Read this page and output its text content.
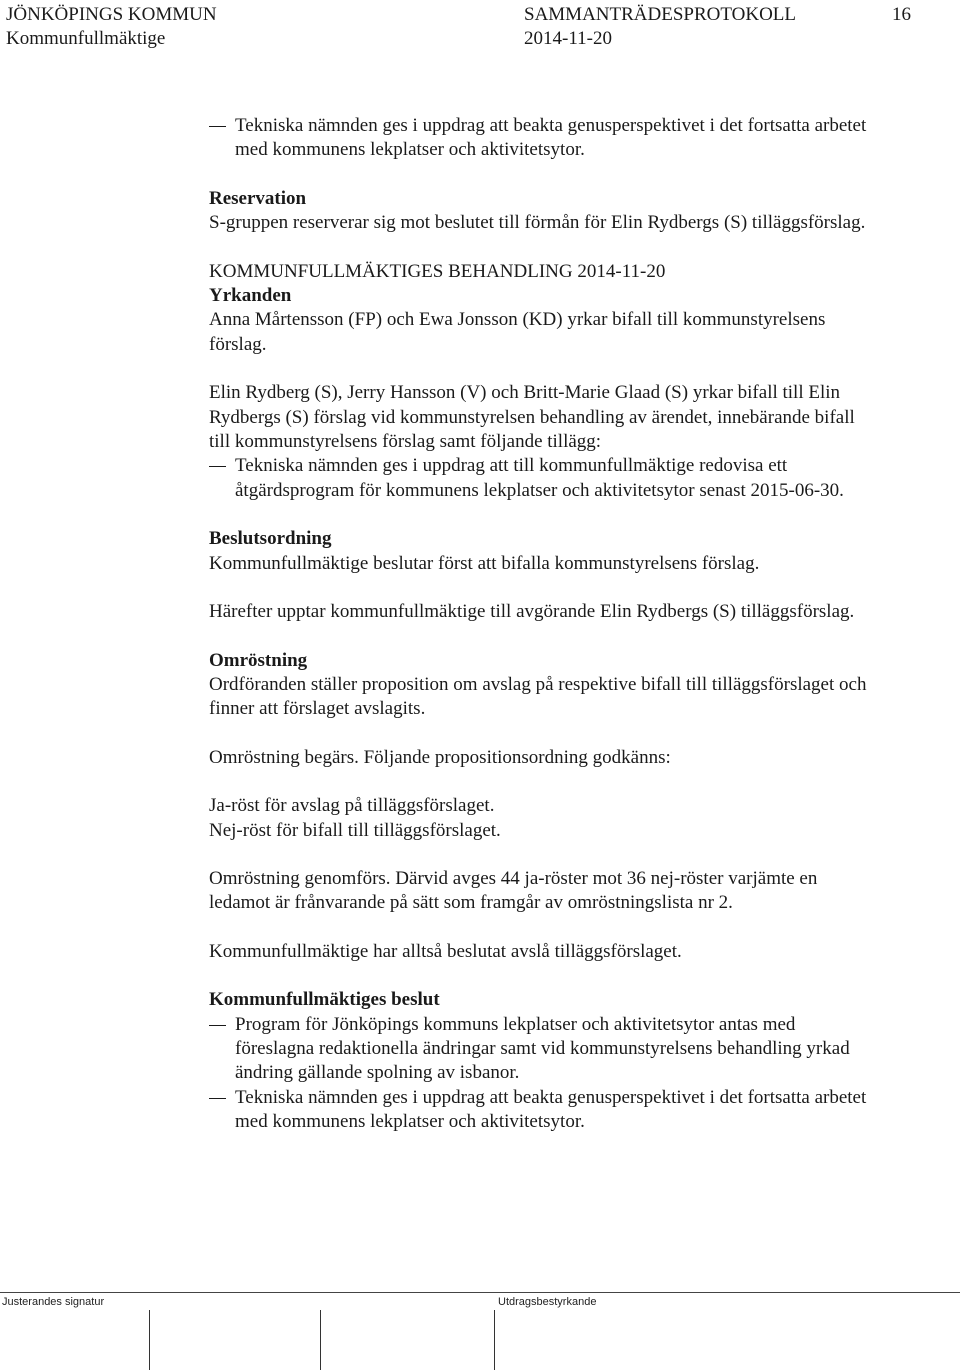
JÖNKÖPINGS KOMMUN
Kommunfullmäktige
SAMMANTRÄDESPROTOKOLL
2014-11-20
16

Tekniska nämnden ges i uppdrag att beakta genusperspektivet i det fortsatta arbetet med kommunens lekplatser och aktivitetsytor.

Reservation

S-gruppen reserverar sig mot beslutet till förmån för Elin Rydbergs (S) tilläggsförslag.

KOMMUNFULLMÄKTIGES BEHANDLING 2014-11-20

Yrkanden

Anna Mårtensson (FP) och Ewa Jonsson (KD) yrkar bifall till kommunstyrelsens förslag.

Elin Rydberg (S), Jerry Hansson (V) och Britt-Marie Glaad (S) yrkar bifall till Elin Rydbergs (S) förslag vid kommunstyrelsen behandling av ärendet, innebärande bifall till kommunstyrelsens förslag samt följande tillägg:

Tekniska nämnden ges i uppdrag att till kommunfullmäktige redovisa ett åtgärdsprogram för kommunens lekplatser och aktivitetsytor senast 2015-06-30.

Beslutsordning

Kommunfullmäktige beslutar först att bifalla kommunstyrelsens förslag.

Härefter upptar kommunfullmäktige till avgörande Elin Rydbergs (S) tilläggsförslag.

Omröstning

Ordföranden ställer proposition om avslag på respektive bifall till tilläggsförslaget och finner att förslaget avslagits.

Omröstning begärs. Följande propositionsordning godkänns:

Ja-röst för avslag på tilläggsförslaget.

Nej-röst för bifall till tilläggsförslaget.

Omröstning genomförs. Därvid avges 44 ja-röster mot 36 nej-röster varjämte en ledamot är frånvarande på sätt som framgår av omröstningslista nr 2.

Kommunfullmäktige har alltså beslutat avslå tilläggsförslaget.

Kommunfullmäktiges beslut

Program för Jönköpings kommuns lekplatser och aktivitetsytor antas med föreslagna redaktionella ändringar samt vid kommunstyrelsens behandling yrkad ändring gällande spolning av isbanor.

Tekniska nämnden ges i uppdrag att beakta genusperspektivet i det fortsatta arbetet med kommunens lekplatser och aktivitetsytor.

Justerandes signatur	Utdragsbestyrkande
